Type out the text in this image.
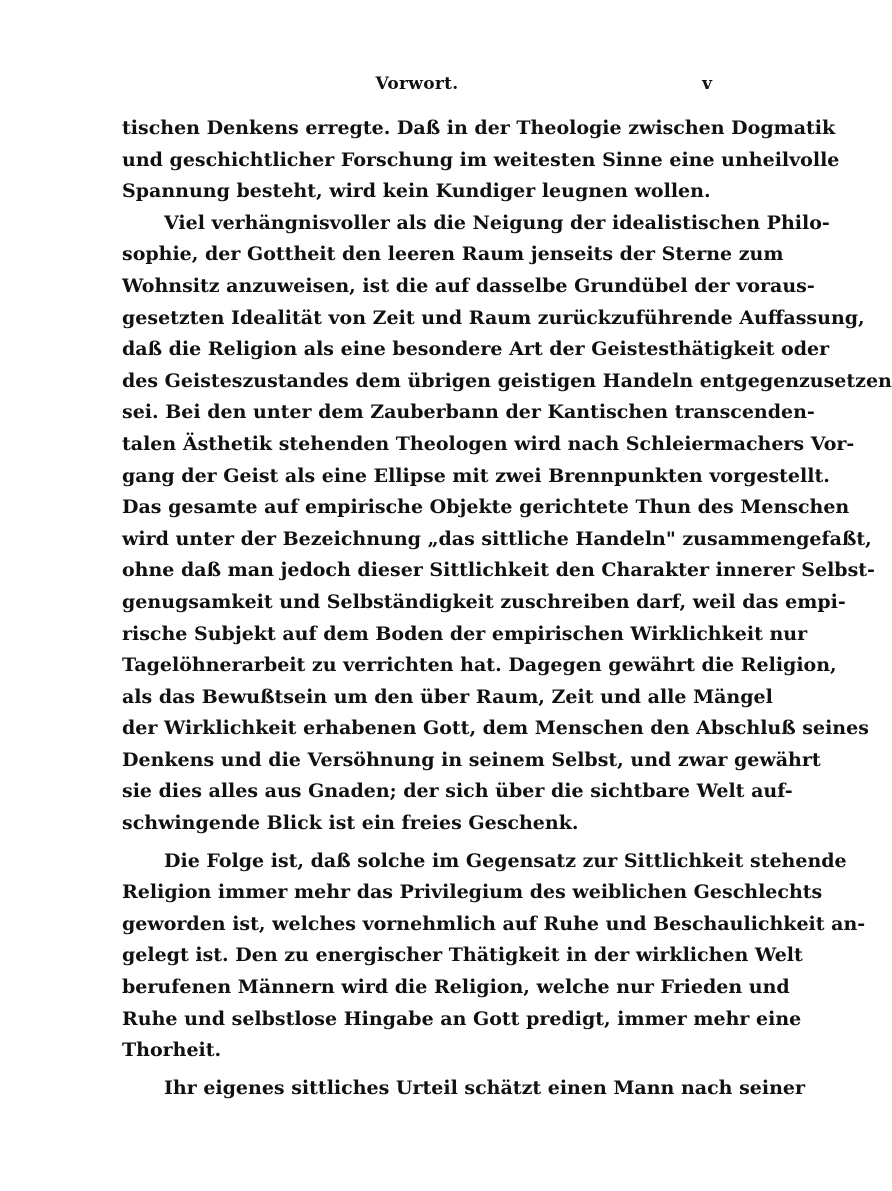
Vorwort.	v
tischen Denkens erregte. Daß in der Theologie zwischen Dogmatik
und geschichtlicher Forschung im weitesten Sinne eine unheilvolle
Spannung besteht, wird kein Kundiger leugnen wollen.
Viel verhängnisvoller als die Neigung der idealistischen Philo-
sophie, der Gottheit den leeren Raum jenseits der Sterne zum
Wohnsitz anzuweisen, ist die auf dasselbe Grundübel der voraus-
gesetzten Idealität von Zeit und Raum zurückzuführende Auffassung,
daß die Religion als eine besondere Art der Geistesthätigkeit oder
des Geisteszustandes dem übrigen geistigen Handeln entgegenzusetzen
sei. Bei den unter dem Zauberbann der Kantischen transcenden-
talen Ästhetik stehenden Theologen wird nach Schleiermachers Vor-
gang der Geist als eine Ellipse mit zwei Brennpunkten vorgestellt.
Das gesamte auf empirische Objekte gerichtete Thun des Menschen
wird unter der Bezeichnung „das sittliche Handeln" zusammengefaßt,
ohne daß man jedoch dieser Sittlichkeit den Charakter innerer Selbst-
genugsamkeit und Selbständigkeit zuschreiben darf, weil das empi-
rische Subjekt auf dem Boden der empirischen Wirklichkeit nur
Tagelöhnerarbeit zu verrichten hat. Dagegen gewährt die Religion,
als das Bewußtsein um den über Raum, Zeit und alle Mängel
der Wirklichkeit erhabenen Gott, dem Menschen den Abschluß seines
Denkens und die Versöhnung in seinem Selbst, und zwar gewährt
sie dies alles aus Gnaden; der sich über die sichtbare Welt auf-
schwingende Blick ist ein freies Geschenk.
Die Folge ist, daß solche im Gegensatz zur Sittlichkeit stehende
Religion immer mehr das Privilegium des weiblichen Geschlechts
geworden ist, welches vornehmlich auf Ruhe und Beschaulichkeit an-
gelegt ist. Den zu energischer Thätigkeit in der wirklichen Welt
berufenen Männern wird die Religion, welche nur Frieden und
Ruhe und selbstlose Hingabe an Gott predigt, immer mehr eine
Thorheit.
Ihr eigenes sittliches Urteil schätzt einen Mann nach seiner
